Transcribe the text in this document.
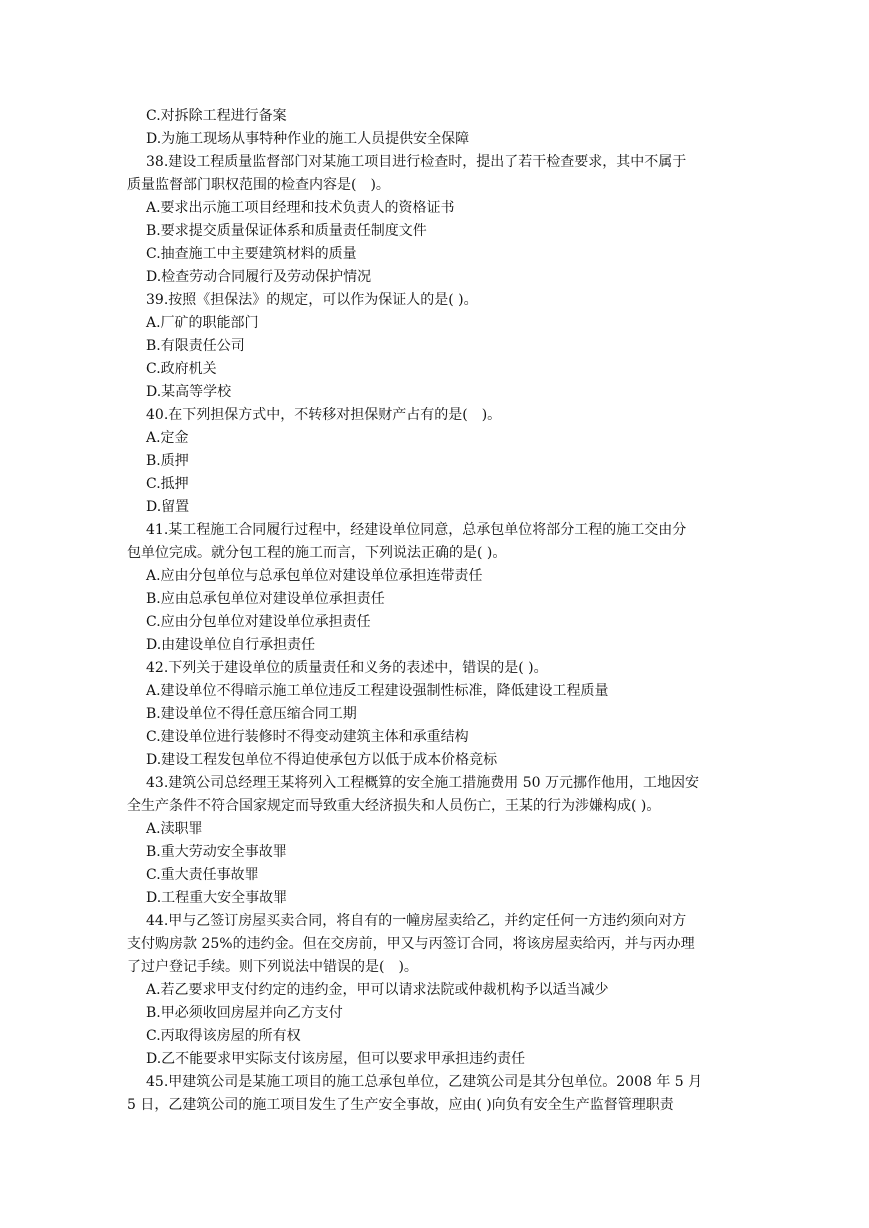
C.对拆除工程进行备案
D.为施工现场从事特种作业的施工人员提供安全保障
38.建设工程质量监督部门对某施工项目进行检查时，提出了若干检查要求，其中不属于
质量监督部门职权范围的检查内容是(　)。
A.要求出示施工项目经理和技术负责人的资格证书
B.要求提交质量保证体系和质量责任制度文件
C.抽查施工中主要建筑材料的质量
D.检查劳动合同履行及劳动保护情况
39.按照《担保法》的规定，可以作为保证人的是( )。
A.厂矿的职能部门
B.有限责任公司
C.政府机关
D.某高等学校
40.在下列担保方式中，不转移对担保财产占有的是(　)。
A.定金
B.质押
C.抵押
D.留置
41.某工程施工合同履行过程中，经建设单位同意，总承包单位将部分工程的施工交由分
包单位完成。就分包工程的施工而言，下列说法正确的是( )。
A.应由分包单位与总承包单位对建设单位承担连带责任
B.应由总承包单位对建设单位承担责任
C.应由分包单位对建设单位承担责任
D.由建设单位自行承担责任
42.下列关于建设单位的质量责任和义务的表述中，错误的是( )。
A.建设单位不得暗示施工单位违反工程建设强制性标准，降低建设工程质量
B.建设单位不得任意压缩合同工期
C.建设单位进行装修时不得变动建筑主体和承重结构
D.建设工程发包单位不得迫使承包方以低于成本价格竞标
43.建筑公司总经理王某将列入工程概算的安全施工措施费用 50 万元挪作他用，工地因安
全生产条件不符合国家规定而导致重大经济损失和人员伤亡，王某的行为涉嫌构成( )。
A.渎职罪
B.重大劳动安全事故罪
C.重大责任事故罪
D.工程重大安全事故罪
44.甲与乙签订房屋买卖合同，将自有的一幢房屋卖给乙，并约定任何一方违约须向对方
支付购房款 25%的违约金。但在交房前，甲又与丙签订合同，将该房屋卖给丙，并与丙办理
了过户登记手续。则下列说法中错误的是(　)。
A.若乙要求甲支付约定的违约金，甲可以请求法院或仲裁机构予以适当减少
B.甲必须收回房屋并向乙方支付
C.丙取得该房屋的所有权
D.乙不能要求甲实际支付该房屋，但可以要求甲承担违约责任
45.甲建筑公司是某施工项目的施工总承包单位，乙建筑公司是其分包单位。2008 年 5 月
5 日，乙建筑公司的施工项目发生了生产安全事故，应由( )向负有安全生产监督管理职责
